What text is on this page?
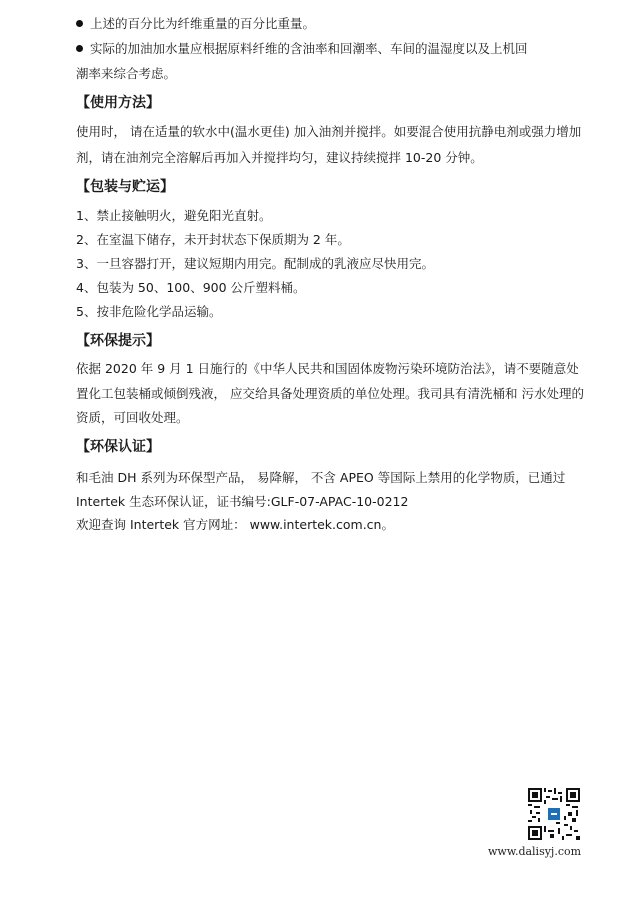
上述的百分比为纤维重量的百分比重量。
实际的加油加水量应根据原料纤维的含油率和回潮率、车间的温湿度以及上机回
潮率来综合考虑。
【使用方法】
使用时， 请在适量的软水中(温水更佳) 加入油剂并搅拌。如要混合使用抗静电剂或强力增加
剂，请在油剂完全溶解后再加入并搅拌均匀，建议持续搅拌 10-20 分钟。
【包装与贮运】
1、禁止接触明火，避免阳光直射。
2、在室温下储存，未开封状态下保质期为 2 年。
3、一旦容器打开，建议短期内用完。配制成的乳液应尽快用完。
4、包装为 50、100、900 公斤塑料桶。
5、按非危险化学品运输。
【环保提示】
依据 2020 年 9 月 1 日施行的《中华人民共和国固体废物污染环境防治法》，请不要随意处
置化工包装桶或倾倒残液， 应交给具备处理资质的单位处理。我司具有清洗桶和 污水处理的
资质，可回收处理。
【环保认证】
和毛油 DH 系列为环保型产品， 易降解， 不含 APEO 等国际上禁用的化学物质，已通过
Intertek 生态环保认证，证书编号:GLF-07-APAC-10-0212
欢迎查询 Intertek 官方网址： www.intertek.com.cn。
www.dalisyj.com
